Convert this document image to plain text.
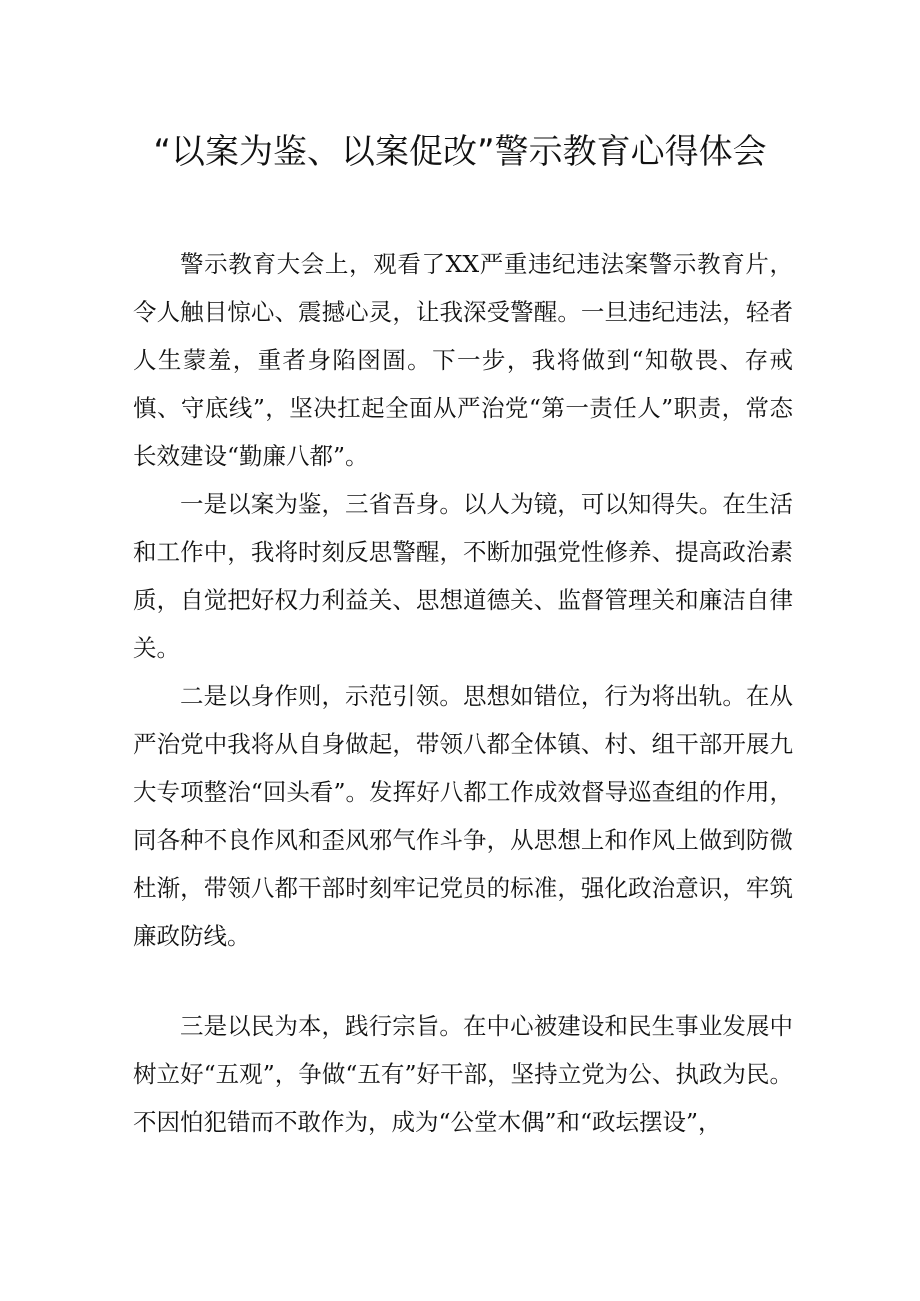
“以案为鉴、以案促改”警示教育心得体会

警示教育大会上，观看了XX严重违纪违法案警示教育片，令人触目惊心、震撼心灵，让我深受警醒。一旦违纪违法，轻者人生蒙羞，重者身陷囹圄。下一步，我将做到“知敬畏、存戒慎、守底线”，坚决扛起全面从严治党“第一责任人”职责，常态长效建设“勤廉八都”。

一是以案为鉴，三省吾身。以人为镜，可以知得失。在生活和工作中，我将时刻反思警醒，不断加强党性修养、提高政治素质，自觉把好权力利益关、思想道德关、监督管理关和廉洁自律关。

二是以身作则，示范引领。思想如错位，行为将出轨。在从严治党中我将从自身做起，带领八都全体镇、村、组干部开展九大专项整治“回头看”。发挥好八都工作成效督导巡查组的作用，同各种不良作风和歪风邪气作斗争，从思想上和作风上做到防微杜渐，带领八都干部时刻牢记党员的标准，强化政治意识，牢筑廉政防线。

三是以民为本，践行宗旨。在中心被建设和民生事业发展中树立好“五观”，争做“五有”好干部，坚持立党为公、执政为民。不因怕犯错而不敢作为，成为“公堂木偶”和“政坛摆设”，
